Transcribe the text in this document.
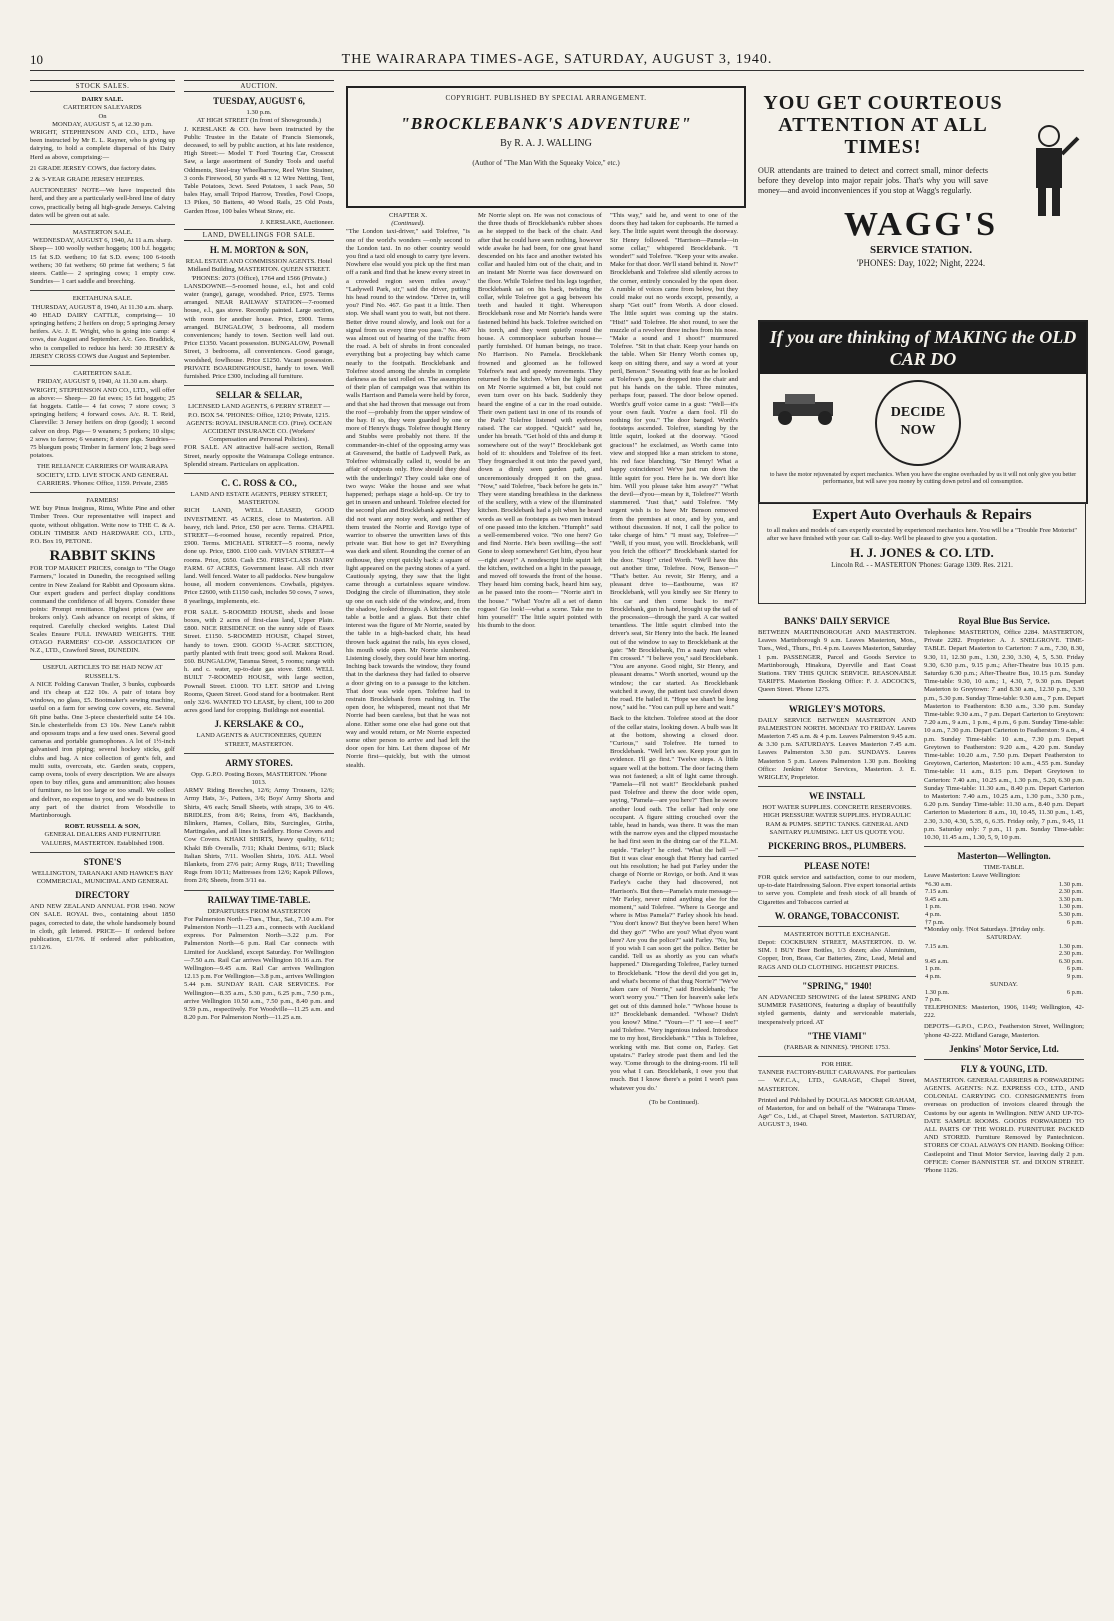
10	THE WAIRARAPA TIMES-AGE, SATURDAY, AUGUST 3, 1940.
STOCK SALES.
DAIRY SALE.
CARTERTON SALEYARDS
On
MONDAY, AUGUST 5, at 12.30 p.m.

WRIGHT, STEPHENSON AND CO., LTD., have been instructed by Mr E. L. Rayner, who is giving up dairying, to hold a complete dispersal of his Dairy Herd as above, comprising:—

21 GRADE JERSEY COWS, due factory dates.

2 & 3-YEAR GRADE JERSEY HEIFERS.

AUCTIONEERS' NOTE—We have inspected this herd, and they are a particularly well-bred line of dairy cows, practically being all high-grade Jerseys. Calving dates will be given out at sale.

MASTERTON SALE.
WEDNESDAY, AUGUST 6, 1940, At 11 a.m. sharp.

Sheep— 100 woolly wether hoggets; 100 b.f. hoggets; 15 fat S.D. wethers; 10 fat S.D. ewes; 100 6-tooth wethers; 30 fat wethers; 60 prime fat wethers; 5 fat steers. Cattle— 2 springing cows; 1 empty cow. Sundries— 1 cart saddle and breeching.

EKETAHUNA SALE.
THURSDAY, AUGUST 8, 1940, At 11.30 a.m. sharp.

40 HEAD DAIRY CATTLE, comprising— 10 springing heifers; 2 heifers on drop; 5 springing Jersey heifers. A/c. J. E. Wright, who is going into camp: 4 cows, due August and September. A/c. Geo. Braddick, who is compelled to reduce his herd: 30 JERSEY & JERSEY CROSS COWS due August and September.

CARTERTON SALE.
FRIDAY, AUGUST 9, 1940, At 11.30 a.m. sharp.

WRIGHT, STEPHENSON AND CO., LTD., will offer as above:— Sheep— 20 fat ewes; 15 fat hoggets; 25 fat hoggets. Cattle— 4 fat cows; 7 store cows; 3 springing heifers; 4 forward cows. A/c. R. T. Reid, Clareville: 3 Jersey heifers on drop (good); 1 second calver on drop. Pigs— 9 weaners; 5 porkers; 10 slips; 2 sows to farrow; 6 weaners; 8 store pigs. Sundries— 75 bluegum posts; Timber in farmers' lots; 2 bags seed potatoes.

THE RELIANCE CARRIERS OF WAIRARAPA SOCIETY, LTD. LIVE STOCK AND GENERAL CARRIERS. 'Phones: Office, 1159. Private, 2385

FARMERS!

WE buy Pinus Insignus, Rimu, White Pine and other Timber Trees. Our representative will inspect and quote, without obligation. Write now to THE C. & A. ODLIN TIMBER AND HARDWARE CO., LTD., P.O. Box 19, PETONE.

RABBIT SKINS

FOR TOP MARKET PRICES, consign to "The Otago Farmers," located in Dunedin, the recognised selling centre in New Zealand for Rabbit and Opossum skins. Our expert graders and perfect display conditions command the confidence of all buyers. Consider these points: Prompt remittance. Highest prices (we are brokers only). Cash advance on receipt of skins, if required. Carefully checked weights. Latest Dial Scales Ensure FULL INWARD WEIGHTS. THE OTAGO FARMERS' CO-OP. ASSOCIATION OF N.Z., LTD., Crawford Street, DUNEDIN.

USEFUL ARTICLES TO BE HAD NOW AT RUSSELL'S.

A NICE Folding Caravan Trailer, 3 bunks, cupboards and it's cheap at £22 10s. A pair of totara boy windows, no glass, £5. Bootmaker's sewing machine, useful on a farm for sewing cow covers, etc. Several 6ft pine baths. One 3-piece chesterfield suite £4 10s. Sin.le chesterfields from £3 10s. New Lane's rabbit and opossum traps and a few used ones. Several good cameras and portable gramophones. A lot of 1½-inch galvanised iron piping; several hockey sticks, golf clubs and bag. A nice collection of gent's felt, and multi suits, overcoats, etc. Garden seats, coppers, camp ovens, tools of every description. We are always open to buy rifles, guns and ammunition; also houses of furniture, no lot too large or too small. We collect and deliver, no expense to you, and we do business in any part of the district from Woodville to Martinborough.

ROBT. RUSSELL & SON,
GENERAL DEALERS AND FURNITURE VALUERS, MASTERTON. Established 1908.
STONE'S
WELLINGTON, TARANAKI AND HAWKE'S BAY COMMERCIAL, MUNICIPAL AND GENERAL
DIRECTORY

AND NEW ZEALAND ANNUAL FOR 1940. NOW ON SALE. ROYAL 8vo., containing about 1850 pages, corrected to date, the whole handsomely bound in cloth, gilt lettered. PRICE— If ordered before publication, £1/7/6. If ordered after publication, £1/12/6.

AUCTION.
TUESDAY, AUGUST 6,
1.30 p.m.
AT HIGH STREET (In front of Showgrounds.)

J. KERSLAKE & CO. have been instructed by the Public Trustee in the Estate of Francis Siemonek, deceased, to sell by public auction, at his late residence, High Street:— Model T Ford Touring Car, Crosscut Saw, a large assortment of Sundry Tools and useful Oddments, Steel-tray Wheelbarrow, Reel Wire Strainer, 3 cords Firewood, 50 yards 48 x 12 Wire Netting, Tent, Table Potatoes, 3cwt. Seed Potatoes, 1 sack Peas, 50 bales Hay, small Tripod Harrow, Trestles, Fowl Coops, 13 Pikes, 50 Battens, 40 Wood Rails, 25 Old Posts, Garden Hose, 100 bales Wheat Straw, etc.

J. KERSLAKE, Auctioneer.
LAND, DWELLINGS FOR SALE.
H. M. MORTON & SON,
REAL ESTATE AND COMMISSION AGENTS. Hotel Midland Building, MASTERTON. QUEEN STREET. 'PHONES: 2073 (Office), 1764 and 1566 (Private.)

LANSDOWNE—5-roomed house, e.l., hot and cold water (range), garage, woodshed. Price, £975. Terms arranged. NEAR RAILWAY STATION—7-roomed house, e.l., gas stove. Recently painted. Large section, with room for another house. Price, £900. Terms arranged. BUNGALOW, 3 bedrooms, all modern conveniences; handy to town. Section well laid out. Price £1350. Vacant possession. BUNGALOW, Pownall Street, 3 bedrooms, all conveniences. Good garage, woodshed, fowlhouse. Price £1250. Vacant possession. PRIVATE BOARDINGHOUSE, handy to town. Well furnished. Price £300, including all furniture.

SELLAR & SELLAR,
LICENSED LAND AGENTS, 6 PERRY STREET — P.O. BOX 54. 'PHONES: Office, 1210; Private, 1215. AGENTS: ROYAL INSURANCE CO. (Fire). OCEAN ACCIDENT INSURANCE CO. (Workers' Compensation and Personal Policies).

FOR SALE. AN attractive half-acre section, Renall Street, nearly opposite the Wairarapa College entrance. Splendid stream. Particulars on application.

C. C. ROSS & CO.,
LAND AND ESTATE AGENTS, PERRY STREET, MASTERTON.

RICH LAND, WELL LEASED, GOOD INVESTMENT. 45 ACRES, close to Masterton. All heavy, rich land. Price, £50 per acre. Terms. CHAPEL STREET—6-roomed house, recently repaired. Price, £900. Terms. MICHAEL STREET—5 rooms, newly done up. Price, £800. £100 cash. VIVIAN STREET—4 rooms. Price, £650. Cash £50. FIRST-CLASS DAIRY FARM. 67 ACRES, Government lease. All rich river land. Well fenced. Water to all paddocks. New bungalow house, all modern conveniences. Cowbails, pigstyes. Price £2600, with £1150 cash, includes 50 cows, 7 sows, 8 yearlings, implements, etc.

FOR SALE. 5-ROOMED HOUSE, sheds and loose boxes, with 2 acres of first-class land, Upper Plain. £800. NICE RESIDENCE on the sunny side of Essex Street. £1150. 5-ROOMED HOUSE, Chapel Street, handy to town. £900. GOOD ½-ACRE SECTION, partly planted with fruit trees; good soil. Makora Road. £60. BUNGALOW, Taranua Street, 5 rooms; range with h. and c. water, up-to-date gas stove. £800. WELL BUILT 7-ROOMED HOUSE, with large section, Pownall Street. £1000. TO LET. SHOP and Living Rooms, Queen Street. Good stand for a bootmaker. Rent only 32/6. WANTED TO LEASE, by client, 100 to 200 acres good land for cropping. Buildings not essential.

J. KERSLAKE & CO.,
LAND AGENTS & AUCTIONEERS, QUEEN STREET, MASTERTON.
ARMY STORES.
Opp. G.P.O. Posting Boxes, MASTERTON. 'Phone 1013.

ARMY Riding Breeches, 12/6; Army Trousers, 12/6; Army Hats, 3/-, Puttees, 3/6; Boys' Army Shorts and Shirts, 4/6 each; Small Sheets, with straps, 3/6 to 4/6. BRIDLES, from 8/6; Reins, from 4/6, Backbands, Blinkers, Hames, Collars, Bits, Surcingles, Girths, Martingales, and all lines in Saddlery. Horse Covers and Cow Covers. KHAKI SHIRTS, heavy quality, 6/11; Khaki Bib Overalls, 7/11; Khaki Denims, 6/11; Black Italian Shirts, 7/11. Woollen Shirts, 10/6. ALL Wool Blankets, from 27/6 pair; Army Rugs, 8/11; Travelling Rugs from 10/11; Mattresses from 12/6; Kapok Pillows, from 2/6; Sheets, from 3/11 ea.

RAILWAY TIME-TABLE.
DEPARTURES FROM MASTERTON

For Palmerston North—Tues., Thur., Sat., 7.10 a.m. For Palmerston North—11.23 a.m., connects with Auckland express. For Palmerston North—3.22 p.m. For Palmerston North—6 p.m. Rail Car connects with Limited for Auckland, except Saturday. For Wellington—7.50 a.m. Rail Car arrives Wellington 10.16 a.m. For Wellington—9.45 a.m. Rail Car arrives Wellington 12.13 p.m. For Wellington—3.8 p.m., arrives Wellington 5.44 p.m. SUNDAY RAIL CAR SERVICES. For Wellington—8.35 a.m., 5.30 p.m., 6.25 p.m., 7.50 p.m., arrive Wellington 10.50 a.m., 7.50 p.m., 8.40 p.m. and 9.59 p.m., respectively. For Woodville—11.25 a.m. and 8.20 p.m. For Palmerston North—11.25 a.m.

COPYRIGHT. PUBLISHED BY SPECIAL ARRANGEMENT.
"BROCKLEBANK'S ADVENTURE"
By R. A. J. WALLING
(Author of "The Man With the Squeaky Voice," etc.)
CHAPTER X.
(Continued).

"The London taxi-driver," said Tolefree, "is one of the world's wonders —only second to the London taxi. In no other country would you find a taxi old enough to carry tyre levers. Nowhere else would you pick up the first man off a rank and find that he knew every street in a crowded region seven miles away." "Ladywell Park, sir," said the driver, putting his head round to the window. "Drive in, will you? Find No. 467. Go past it a little. Then stop. We shall want you to wait, but not there. Better drive round slowly, and look out for a signal from us every time you pass." No. 467 was almost out of hearing of the traffic from the road. A belt of shrubs in front concealed everything but a projecting bay which came nearly to the footpath. Brocklebank and Tolefree stood among the shrubs in complete darkness as the taxi rolled on. The assumption of their plan of campaign was that within its walls Harrison and Pamela were held by force, and that she had thrown that message out from the roof —probably from the upper window of the bay. If so, they were guarded by one or more of Henry's thugs. Tolefree thought Henry and Stubbs were probably not there. If the commander-in-chief of the opposing army was at Gravesend, the battle of Ladywell Park, as Tolefree whimsically called it, would be an affair of outposts only. How should they deal with the underlings? They could take one of two ways: Wake the house and see what happened; perhaps stage a hold-up. Or try to get in unseen and unheard. Tolefree elected for the second plan and Brocklebank agreed. They did not want any noisy work, and neither of them trusted the Norrie and Rovigo type of warrior to observe the unwritten laws of this private war. But how to get in? Everything was dark and silent. Rounding the corner of an outhouse, they crept quickly back: a square of light appeared on the paving stones of a yard. Cautiously spying, they saw that the light came through a curtainless square window. Dodging the circle of illumination, they stole up one on each side of the window, and, from the shadow, looked through. A kitchen: on the table a bottle and a glass. But their chief interest was the figure of Mr Norrie, seated by the table in a high-backed chair, his head thrown back against the rails, his eyes closed, his mouth wide open. Mr Norrie slumbered. Listening closely, they could hear him snoring. Inching back towards the window, they found that in the darkness they had failed to observe a door giving on to a passage to the kitchen. That door was wide open. Tolefree had to restrain Brocklebank from rushing in. The open door, he whispered, meant not that Mr Norrie had been careless, but that he was not alone. Either some one else had gone out that way and would return, or Mr Norrie expected some other person to arrive and had left the door open for him. Let them dispose of Mr Norrie first—quickly, but with the utmost stealth.

Mr Norrie slept on. He was not conscious of the three thuds of Brocklebank's rubber shoes as he stepped to the back of the chair. And after that he could have seen nothing, however wide awake he had been, for one great hand descended on his face and another twisted his collar and hauled him out of the chair, and in an instant Mr Norrie was face downward on the floor. While Tolefree tied his legs together, Brocklebank sat on his back, twisting the collar, while Tolefree got a gag between his teeth and hauled it tight. Whereupon Brocklebank rose and Mr Norrie's hands were fastened behind his back. Tolefree switched on his torch, and they went quietly round the house. A commonplace suburban house—partly furnished. Of human beings, no trace. No Harrison. No Pamela. Brocklebank frowned and gloomed as he followed Tolefree's neat and speedy movements. They returned to the kitchen. When the light came on Mr Norrie squirmed a bit, but could not even turn over on his back. Suddenly they heard the engine of a car in the road outside. Their own patient taxi in one of its rounds of the Park? Tolefree listened with eyebrows raised. The car stopped. "Quick!" said he, under his breath. "Get hold of this and dump it somewhere out of the way!" Brocklebank got hold of it: shoulders and Tolefree of its feet. They frogmarched it out into the paved yard, down a dimly seen garden path, and unceremoniously dropped it on the grass. "Now," said Tolefree, "back before he gets in." They were standing breathless in the darkness of the scullery, with a view of the illuminated kitchen. Brocklebank had a jolt when he heard words as well as footsteps as two men instead of one passed into the kitchen. "Humph!" said a well-remembered voice. "No one here? Go and find Norrie. He's been swilling—the sot! Gone to sleep somewhere! Get him, d'you hear—right away!" A nondescript little squirt left the kitchen, switched on a light in the passage, and moved off towards the front of the house. They heard him coming back, heard him say, as he passed into the room— "Norrie ain't in the house." "What! You're all a set of damn rogues! Go look!—what a scene. Take me to him yourself!" The little squirt pointed with his thumb to the door.

"This way," said he, and went to one of the doors they had taken for cupboards. He turned a key. The little squirt went through the doorway. Sir Henry followed. "Harrison—Pamela—in some cellar," whispered Brocklebank. "I wonder!" said Tolefree. "Keep your wits awake. Make for that door. We'll stand behind it. Now!" Brocklebank and Tolefree slid silently across to the corner, entirely concealed by the open door. A rumble of voices came from below, but they could make out no words except, presently, a sharp "Get out!" from Worth. A door closed. The little squirt was coming up the stairs. "Hist!" said Tolefree. He shot round, to see the muzzle of a revolver three inches from his nose. "Make a sound and I shoot!" murmured Tolefree. "Sit in that chair. Keep your hands on the table. When Sir Henry Worth comes up, keep on sitting there, and say a word at your peril, Benson." Sweating with fear as he looked at Tolefree's gun, he dropped into the chair and put his hands on the table. Three minutes, perhaps four, passed. The door below opened. Worth's gruff voice came in a gust: "Well—it's your own fault. You're a darn fool. I'll do nothing for you." The door banged. Worth's footsteps ascended. Tolefree, standing by the little squirt, looked at the doorway. "Good gracious!" he exclaimed, as Worth came into view and stopped like a man stricken to stone, his red face blanching. "Sir Henry! What a happy coincidence! We've just run down the little squirt for you. Here he is. We don't like him. Will you please take him away?" "What the devil—d'you—mean by it, Tolefree?" Worth stammered. "Just that," said Tolefree. "My urgent wish is to have Mr Benson removed from the premises at once, and by you, and without discussion. If not, I call the police to take charge of him." "I must say, Tolefree—" "Well, if you must, you will. Brocklebank, will you fetch the officer?" Brocklebank started for the door. "Stop!" cried Worth. "We'll have this out another time, Tolefree. Now, Benson—" "That's better. Au revoir, Sir Henry, and a pleasant drive to—Eastbourne, was it? Brocklebank, will you kindly see Sir Henry to his car and then come back to me?" Brocklebank, gun in hand, brought up the tail of the procession—through the yard. A car waited tenantless. The little squirt climbed into the driver's seat, Sir Henry into the back. He leaned out of the window to say to Brocklebank at the gate: "Mr Brocklebank, I'm a nasty man when I'm crossed." "I believe you," said Brocklebank. "You are anyone. Good night, Sir Henry, and pleasant dreams." Worth snorted, wound up the window; the car started. As Brocklebank watched it away, the patient taxi crawled down the road. He hailed it. "Hope we shan't be long now," said he. "You can pull up here and wait."

Back to the kitchen. Tolefree stood at the door of the cellar stairs, looking down. A bulb was lit at the bottom, showing a closed door. "Curious," said Tolefree. He turned to Brocklebank. "Well let's see. Keep your gun in evidence. I'll go first." Twelve steps. A little square well at the bottom. The door facing them was not fastened; a slit of light came through. "Pamela—I'll not wait!" Brocklebank pushed past Tolefree and threw the door wide open, saying, "Pamela—are you here?" Then he swore another loud oath. The cellar had only one occupant. A figure sitting crouched over the table, head in hands, was there. It was the man with the narrow eyes and the clipped moustache he had first seen in the dining car of the F.L.M. rapide. "Farley!" he cried. "What the hell —" But it was clear enough that Henry had carried out his resolution; he had put Farley under the charge of Norrie or Rovigo, or both. And it was Farley's cache they had discovered, not Harrison's. But then—Pamela's mute message— "Mr Farley, never mind anything else for the moment," said Tolefree. "Where is George and where is Miss Pamela?" Farley shook his head. "You don't know? But they've been here! When did they go?" "Who are you? What d'you want here? Are you the police?" said Farley. "No, but if you wish I can soon get the police. Better be candid. Tell us as shortly as you can what's happened." Disregarding Tolefree, Farley turned to Brocklebank. "How the devil did you get in, and what's become of that thug Norrie?" "We've taken care of Norrie," said Brocklebank; "he won't worry you." "Then for heaven's sake let's get out of this damned hole." "Whose house is it?" Brocklebank demanded. "Whose? Didn't you know? Mine." "Yours—!" "I see—I see!" said Tolefree. "Very ingenious indeed. Introduce me to my host, Brocklebank." "This is Tolefree, working with me. But come on, Farley. Get upstairs." Farley strode past them and led the way. 'Come through to the dining-room. I'll tell you what I can. Brocklebank, I owe you that much. But I know there's a point I won't pass whatever you do.'

(To be Continued).
YOU GET COURTEOUS ATTENTION AT ALL TIMES!
OUR attendants are trained to detect and correct small, minor defects before they develop into major repair jobs. That's why you will save money—and avoid inconveniences if you stop at Wagg's regularly.
WAGG'S
SERVICE STATION.
'PHONES: Day, 1022; Night, 2224.
If you are thinking of MAKING the OLD CAR DO
DECIDE NOW
to have the motor rejuvenated by expert mechanics. When you have the engine overhauled by us it will not only give you better performance, but will save you money by cutting down petrol and oil consumption.
Expert Auto Overhauls & Repairs
to all makes and models of cars expertly executed by experienced mechanics here. You will be a "Trouble Free Motorist" after we have finished with your car. Call to-day. We'll be pleased to give you a quotation.
H. J. JONES & CO. LTD.
Lincoln Rd. - - MASTERTON 'Phones: Garage 1309. Res. 2121.
BANKS' DAILY SERVICE

BETWEEN MARTINBOROUGH AND MASTERTON. Leaves Martinborough 9 a.m. Leaves Masterton, Mon., Tues., Wed., Thurs., Fri. 4 p.m. Leaves Masterton, Saturday 1 p.m. PASSENGER, Parcel and Goods Service to Martinborough, Hinakura, Dyerville and East Coast Stations. TRY THIS QUICK SERVICE. REASONABLE TARIFFS. Masterton Booking Office: F. J. ADCOCK'S, Queen Street. 'Phone 1275.

WRIGLEY'S MOTORS.

DAILY SERVICE BETWEEN MASTERTON AND PALMERSTON NORTH. MONDAY TO FRIDAY. Leaves Masterton 7.45 a.m. & 4 p.m. Leaves Palmerston 9.45 a.m. & 3.30 p.m. SATURDAYS. Leaves Masterton 7.45 a.m. Leaves Palmerston 3.30 p.m. SUNDAYS. Leaves Masterton 5 p.m. Leaves Palmerston 1.30 p.m. Booking Office: Jenkins' Motor Services, Masterton. J. E. WRIGLEY, Proprietor.

WE INSTALL

HOT WATER SUPPLIES. CONCRETE RESERVOIRS. HIGH PRESSURE WATER SUPPLIES. HYDRAULIC RAM & PUMPS. SEPTIC TANKS. GENERAL AND SANITARY PLUMBING. LET US QUOTE YOU.

PICKERING BROS., PLUMBERS.
PLEASE NOTE!

FOR quick service and satisfaction, come to our modern, up-to-date Hairdressing Saloon. Five expert tonsorial artists to serve you. Complete and fresh stock of all brands of Cigarettes and Tobaccos carried at

W. ORANGE, TOBACCONIST.
MASTERTON BOTTLE EXCHANGE.

Depot: COCKBURN STREET, MASTERTON. D. W. SIM. I BUY Beer Bottles, 1/3 dozen; also Aluminium, Copper, Iron, Brass, Car Batteries, Zinc, Lead, Metal and RAGS AND OLD CLOTHING. HIGHEST PRICES.

"SPRING," 1940!

AN ADVANCED SHOWING of the latest SPRING AND SUMMER FASHIONS, featuring a display of beautifully styled garments, dainty and serviceable materials, inexpensively priced. AT

"THE VIAMI"
(FARBAR & NINNES). 'PHONE 1753.
FOR HIRE.

TANNER FACTORY-BUILT CARAVANS. For particulars— W.F.C.A., LTD., GARAGE, Chapel Street, MASTERTON.

Printed and Published by DOUGLAS MOORE GRAHAM, of Masterton, for and on behalf of the "Wairarapa Times-Age" Co., Ltd., at Chapel Street, Masterton. SATURDAY, AUGUST 3, 1940.

Royal Blue Bus Service.

Telephones: MASTERTON, Office 2284. MASTERTON, Private 2282. Proprietor: A. J. SNELGROVE. TIME-TABLE. Depart Masterton to Carterton: 7 a.m., 7.30, 8.30, 9.30, 11, 12.30 p.m., 1.30, 2.30, 3.30, 4, 5, 5.30. Friday 9.30, 6.30 p.m., 9.15 p.m.; After-Theatre bus 10.15 p.m. Saturday 6.30 p.m.; After-Theatre Bus, 10.15 p.m. Sunday Time-table: 9.30, 10 a.m.; 1, 4.30, 7, 9.30 p.m. Depart Masterton to Greytown: 7 and 8.30 a.m., 12.30 p.m., 3.30 p.m., 5.30 p.m. Sunday Time-table: 9.30 a.m., 7 p.m. Depart Masterton to Featherston: 8.30 a.m., 3.30 p.m. Sunday Time-table: 9.30 a.m., 7 p.m. Depart Carterton to Greytown: 7.20 a.m., 9 a.m., 1 p.m., 4 p.m., 6 p.m. Sunday Time-table: 10 a.m., 7.30 p.m. Depart Carterton to Featherston: 9 a.m., 4 p.m. Sunday Time-table: 10 a.m., 7.30 p.m. Depart Greytown to Featherston: 9.20 a.m., 4.20 p.m. Sunday Time-table: 10.20 a.m., 7.50 p.m. Depart Featherston to Greytown, Carterton, Masterton: 10 a.m., 4.55 p.m. Sunday Time-table: 11 a.m., 8.15 p.m. Depart Greytown to Carterton: 7.40 a.m., 10.25 a.m., 1.30 p.m., 5.20, 6.30 p.m. Sunday Time-table: 11.30 a.m., 8.40 p.m. Depart Carterton to Masterton: 7.40 a.m., 10.25 a.m., 1.30 p.m., 3.30 p.m., 6.20 p.m. Sunday Time-table: 11.30 a.m., 8.40 p.m. Depart Carterton to Masterton: 8 a.m., 10, 10.45, 11.30 p.m., 1.45, 2.30, 3.30, 4.30, 5.35, 6, 6.35. Friday only, 7 p.m., 9.45, 11 p.m. Saturday only: 7 p.m., 11 p.m. Sunday Time-table: 10.30, 11.45 a.m., 1.30, 5, 9, 10 p.m.

Masterton—Wellington.
TIME-TABLE.
Leave Masterton: Leave Wellington:
*6.30 a.m.	1.30 p.m.
7.15 a.m.	2.30 p.m.
9.45 a.m.	3.30 p.m.
1 p.m.	1.30 p.m.
4 p.m.	5.30 p.m.
†7 p.m.	6 p.m.
*Monday only. †Not Saturdays. ‡Friday only.
SATURDAY.
7.15 a.m.	1.30 p.m.
	2.30 p.m.
9.45 a.m.	6.30 p.m.
1 p.m.	6 p.m.
4 p.m.	9 p.m.
SUNDAY.
1.30 p.m.	6 p.m.
7 p.m.	

TELEPHONES: Masterton, 1906, 1149; Wellington, 42-222.

DEPOTS—G.P.O., C.P.O., Featherston Street, Wellington; 'phone 42-222. Midland Garage, Masterton.

Jenkins' Motor Service, Ltd.
FLY & YOUNG, LTD.

MASTERTON. GENERAL CARRIERS & FORWARDING AGENTS. AGENTS: N.Z. EXPRESS CO., LTD., AND COLONIAL CARRYING CO. CONSIGNMENTS from overseas on production of invoices cleared through the Customs by our agents in Wellington. NEW AND UP-TO-DATE SAMPLE ROOMS. GOODS FORWARDED TO ALL PARTS OF THE WORLD. FURNITURE PACKED AND STORED. Furniture Removed by Pantechnicon. STORES OF COAL ALWAYS ON HAND. Booking Office: Castlepoint and Tinui Motor Service, leaving daily 2 p.m. OFFICE: Corner BANNISTER ST. and DIXON STREET. 'Phone 1126.
